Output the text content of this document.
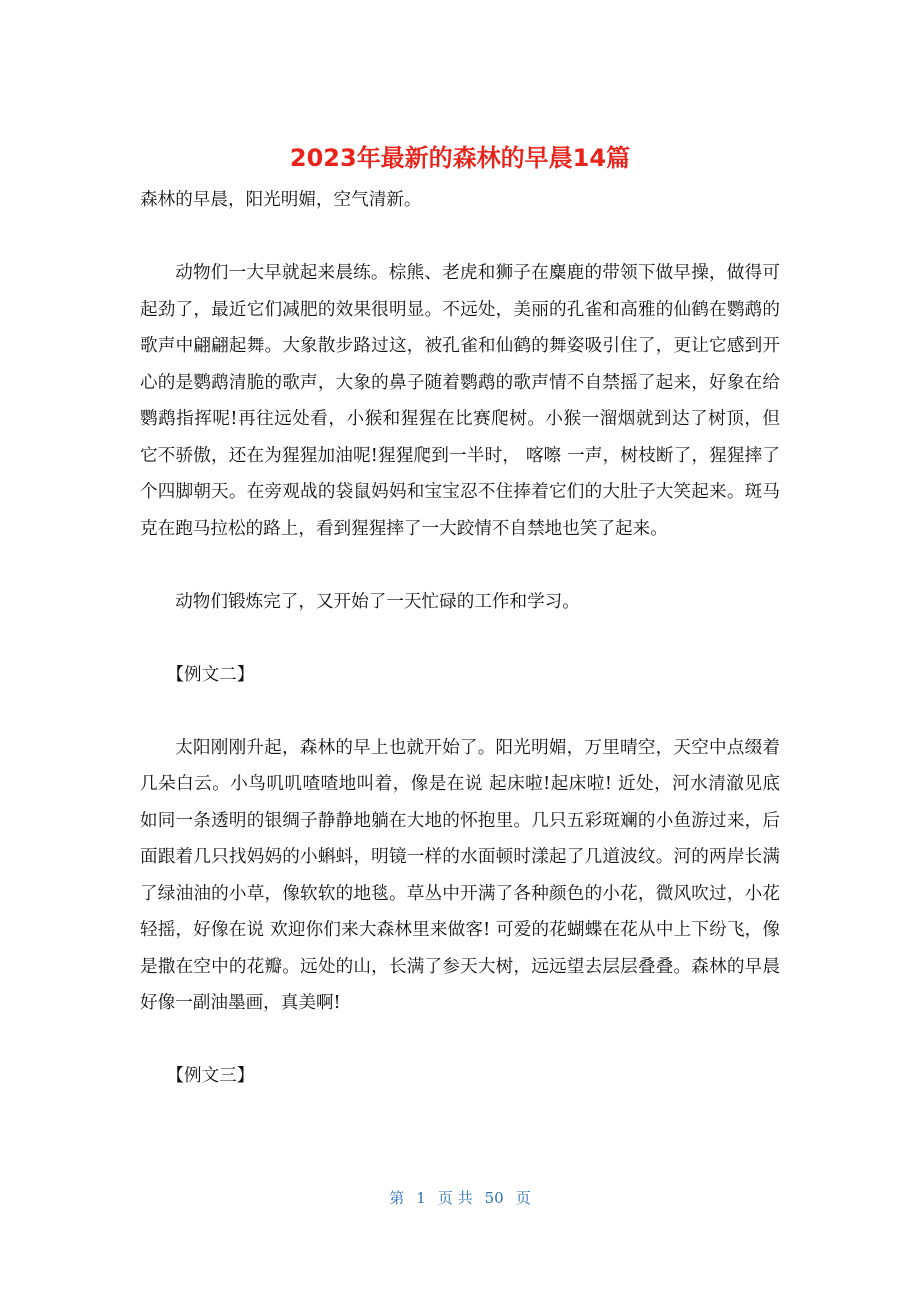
2023年最新的森林的早晨14篇

森林的早晨，阳光明媚，空气清新。

动物们一大早就起来晨练。棕熊、老虎和狮子在麋鹿的带领下做早操，做得可起劲了，最近它们减肥的效果很明显。不远处，美丽的孔雀和高雅的仙鹤在鹦鹉的歌声中翩翩起舞。大象散步路过这，被孔雀和仙鹤的舞姿吸引住了，更让它感到开心的是鹦鹉清脆的歌声，大象的鼻子随着鹦鹉的歌声情不自禁摇了起来，好象在给鹦鹉指挥呢!再往远处看，小猴和猩猩在比赛爬树。小猴一溜烟就到达了树顶，但它不骄傲，还在为猩猩加油呢!猩猩爬到一半时， 喀嚓 一声，树枝断了，猩猩摔了个四脚朝天。在旁观战的袋鼠妈妈和宝宝忍不住捧着它们的大肚子大笑起来。斑马克在跑马拉松的路上，看到猩猩摔了一大跤情不自禁地也笑了起来。

动物们锻炼完了，又开始了一天忙碌的工作和学习。

【例文二】

太阳刚刚升起，森林的早上也就开始了。阳光明媚，万里晴空，天空中点缀着几朵白云。小鸟叽叽喳喳地叫着，像是在说 起床啦!起床啦! 近处，河水清澈见底如同一条透明的银绸子静静地躺在大地的怀抱里。几只五彩斑斓的小鱼游过来，后面跟着几只找妈妈的小蝌蚪，明镜一样的水面顿时漾起了几道波纹。河的两岸长满了绿油油的小草，像软软的地毯。草丛中开满了各种颜色的小花，微风吹过，小花轻摇，好像在说 欢迎你们来大森林里来做客! 可爱的花蝴蝶在花从中上下纷飞，像是撒在空中的花瓣。远处的山，长满了参天大树，远远望去层层叠叠。森林的早晨好像一副油墨画，真美啊!

【例文三】

第 1 页 共 50 页
